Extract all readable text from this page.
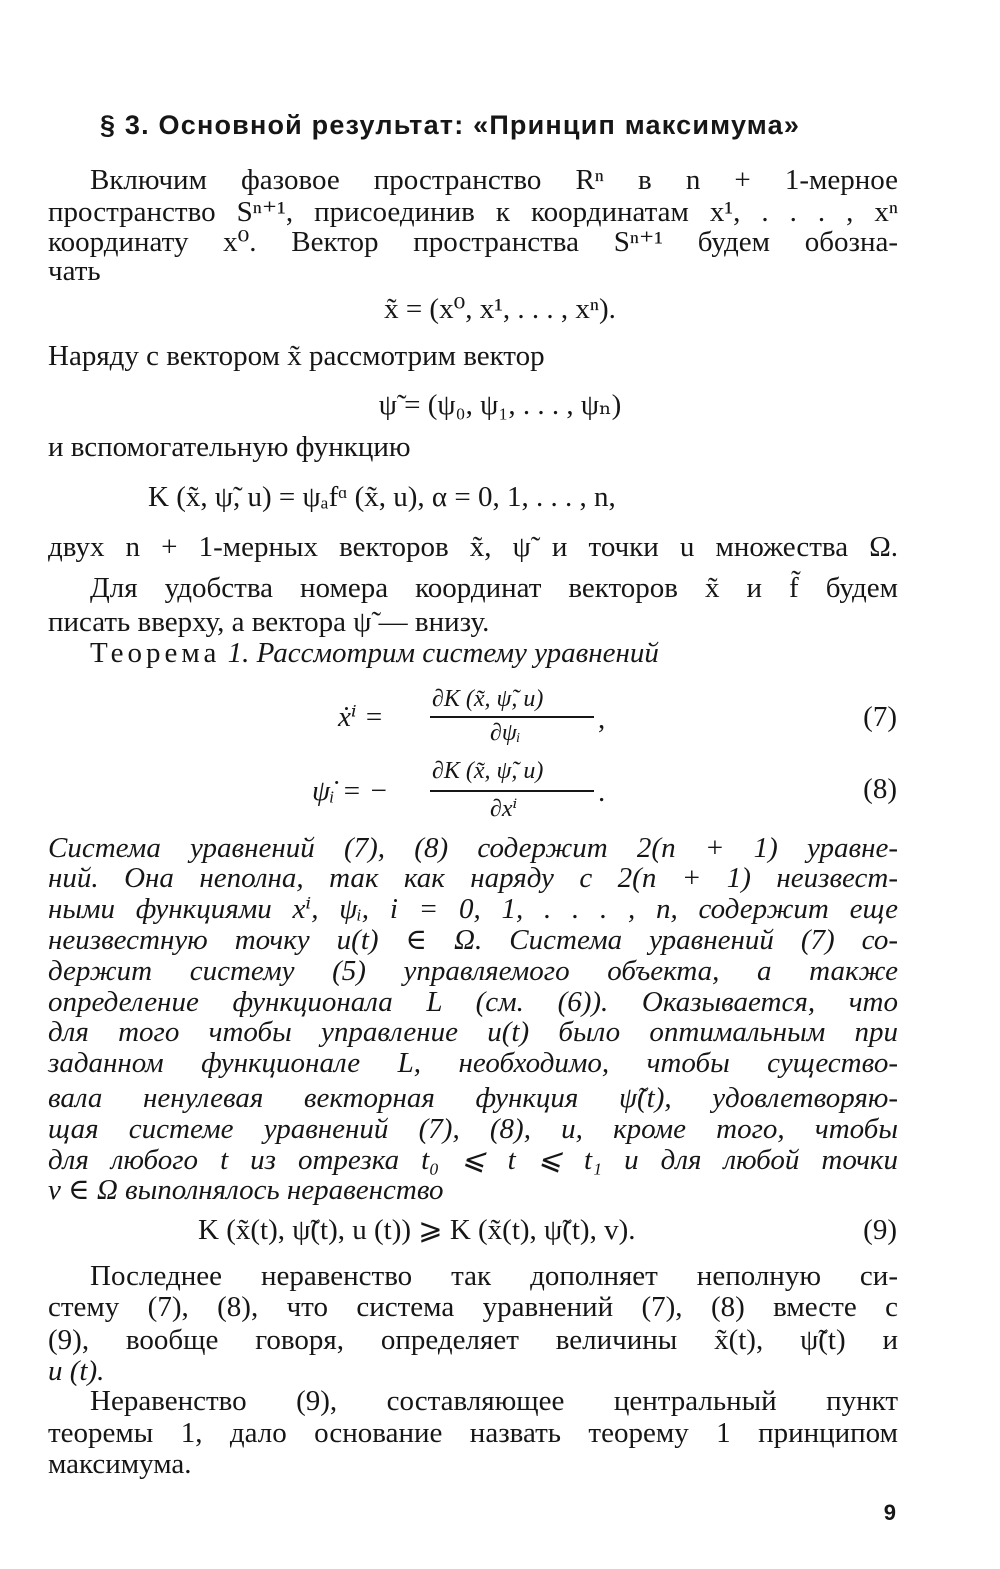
§ 3. Основной результат: «Принцип максимума»
Включим фазовое пространство Rⁿ в n + 1-мерное
пространство Sⁿ⁺¹, присоединив к координатам x¹, . . . , xⁿ
координату x⁰. Вектор пространства Sⁿ⁺¹ будем обозна-
чать
x̃ = (x⁰, x¹, . . . , xⁿ).
Наряду с вектором x̃ рассмотрим вектор
ψ̃ = (ψ₀, ψ₁, . . . , ψₙ)
и вспомогательную функцию
K (x̃, ψ̃, u) = ψₐfᵅ (x̃, u), α = 0, 1, . . . , n,
двух n + 1-мерных векторов x̃, ψ̃ и точки u множества Ω.
Для удобства номера координат векторов x̃ и f̃ будем
писать вверху, а вектора ψ̃ — внизу.
Теорема 1. Рассмотрим систему уравнений
ẋⁱ =
∂K (x̃, ψ̃, u)
∂ψᵢ	,	(7)
ψ̇ᵢ = −
∂K (x̃, ψ̃, u)
∂xⁱ
.	(8)
Система уравнений (7), (8) содержит 2(n + 1) уравне-
ний. Она неполна, так как наряду с 2(n + 1) неизвест-
ными функциями xⁱ, ψᵢ, i = 0, 1, . . . , n, содержит еще
неизвестную точку u(t) ∈ Ω. Система уравнений (7) со-
держит систему (5) управляемого объекта, а также
определение функционала L (см. (6)). Оказывается, что
для того чтобы управление u(t) было оптимальным при
заданном функционале L, необходимо, чтобы существо-
вала ненулевая векторная функция ψ̃(t), удовлетворяю-
щая системе уравнений (7), (8), и, кроме того, чтобы
для любого t из отрезка t₀ ⩽ t ⩽ t₁ и для любой точки
v ∈ Ω выполнялось неравенство
K (x̃(t), ψ̃(t), u (t)) ⩾ K (x̃(t), ψ̃(t), v).	(9)
Последнее неравенство так дополняет неполную си-
стему (7), (8), что система уравнений (7), (8) вместе с
(9), вообще говоря, определяет величины x̃(t), ψ̃(t) и
u (t).
Неравенство (9), составляющее центральный пункт
теоремы 1, дало основание назвать теорему 1 принципом
максимума.
9
